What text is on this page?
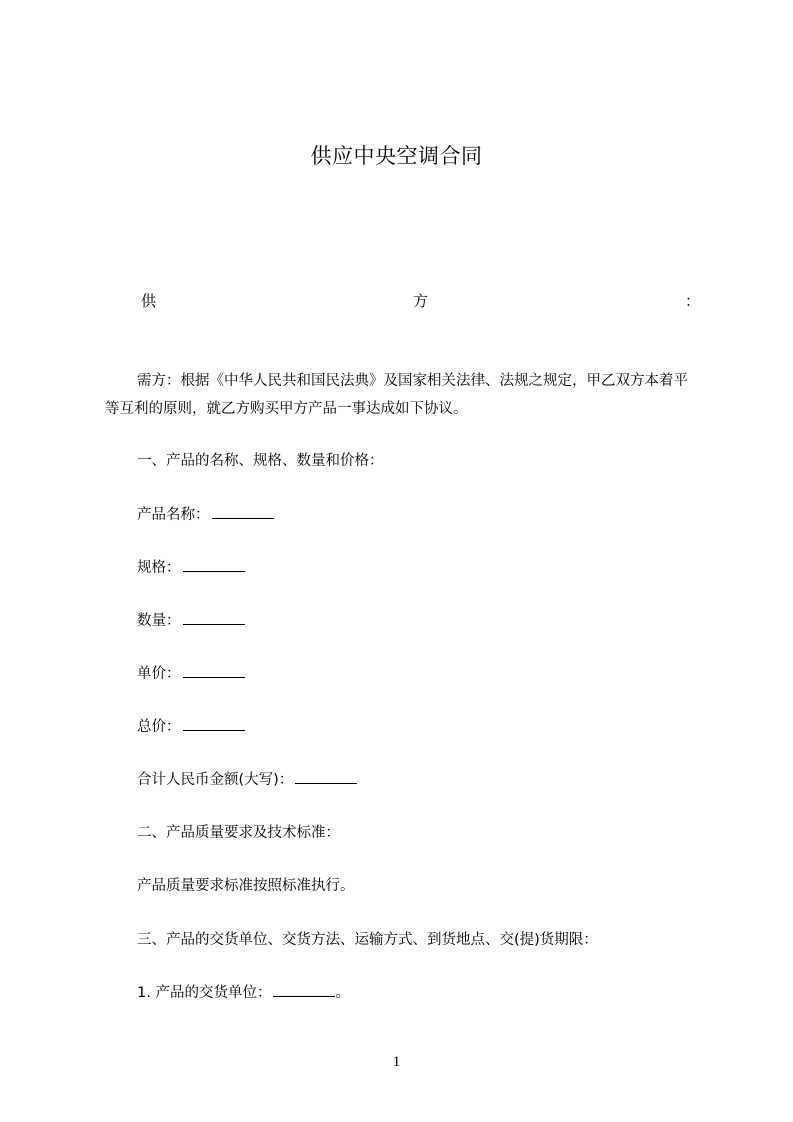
供应中央空调合同
供	方	：
需方：根据《中华人民共和国民法典》及国家相关法律、法规之规定，甲乙双方本着平等互利的原则，就乙方购买甲方产品一事达成如下协议。
一、产品的名称、规格、数量和价格：
产品名称：
规格：
数量：
单价：
总价：
合计人民币金额(大写)：
二、产品质量要求及技术标准：
产品质量要求标准按照标准执行。
三、产品的交货单位、交货方法、运输方式、到货地点、交(提)货期限：
1. 产品的交货单位：	。
1
